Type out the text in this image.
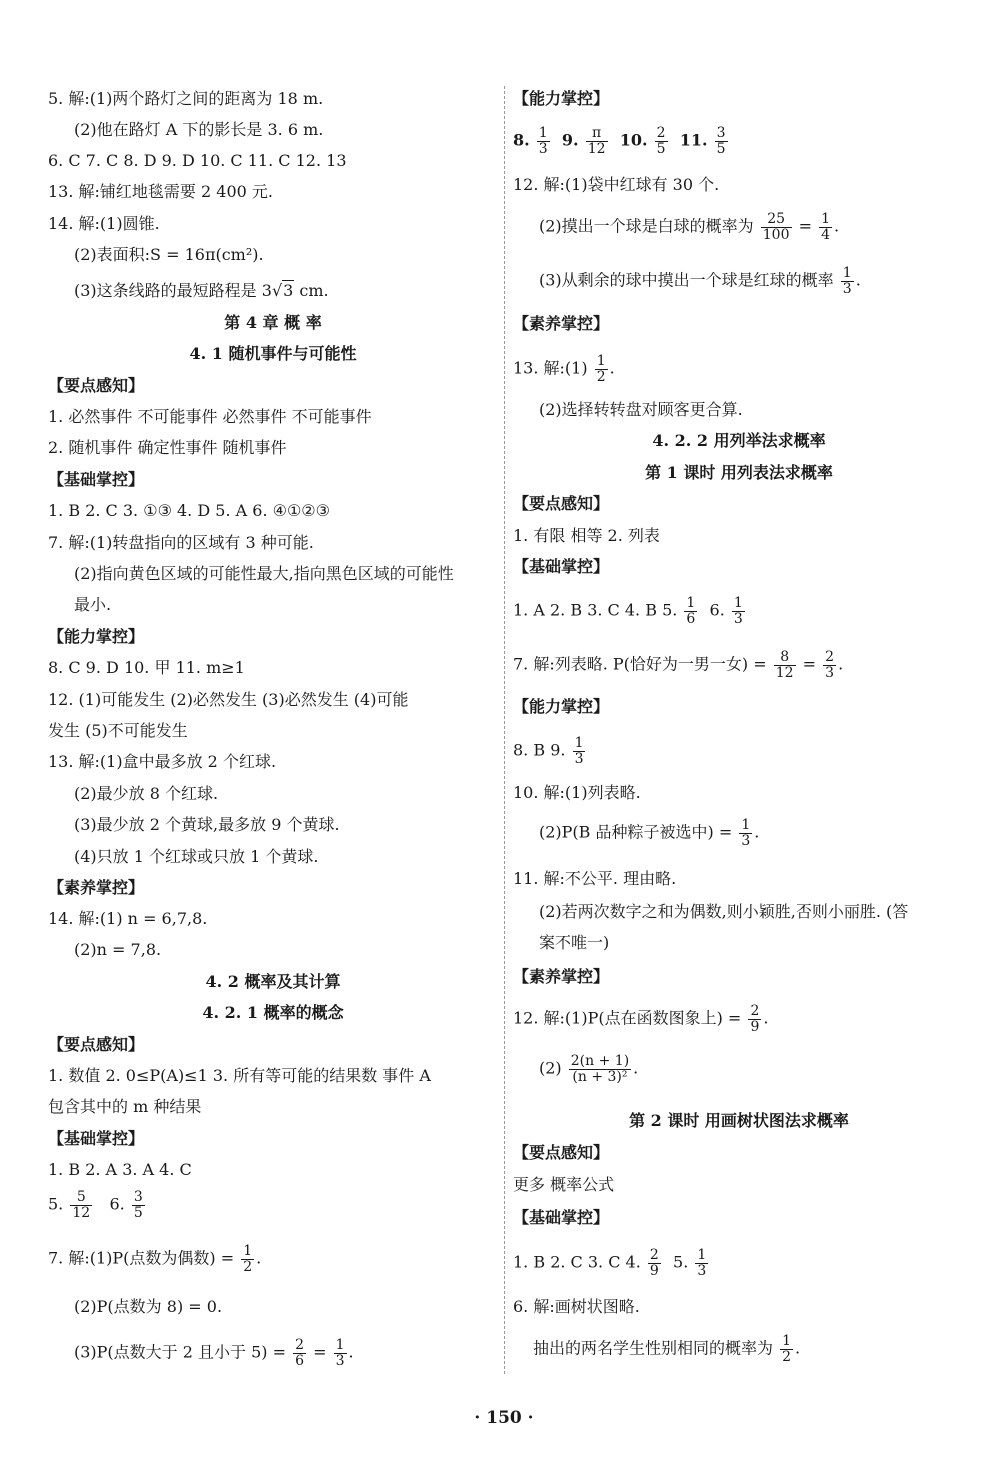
5. 解:(1)两个路灯之间的距离为 18 m.
(2)他在路灯 A 下的影长是 3. 6 m.
6. C 7. C 8. D 9. D 10. C 11. C 12. 13
13. 解:铺红地毯需要 2 400 元.
14. 解:(1)圆锥.
(2)表面积:S = 16π(cm²).
(3)这条线路的最短路程是 3√3 cm.
第 4 章 概 率
4. 1 随机事件与可能性
【要点感知】
1. 必然事件 不可能事件 必然事件 不可能事件
2. 随机事件 确定性事件 随机事件
【基础掌控】
1. B 2. C 3. ①③ 4. D 5. A 6. ④①②③
7. 解:(1)转盘指向的区域有 3 种可能.
(2)指向黄色区域的可能性最大,指向黑色区域的可能性
最小.
【能力掌控】
8. C 9. D 10. 甲 11. m≥1
12. (1)可能发生 (2)必然发生 (3)必然发生 (4)可能
发生 (5)不可能发生
13. 解:(1)盒中最多放 2 个红球.
(2)最少放 8 个红球.
(3)最少放 2 个黄球,最多放 9 个黄球.
(4)只放 1 个红球或只放 1 个黄球.
【素养掌控】
14. 解:(1) n = 6,7,8.
(2)n = 7,8.
4. 2 概率及其计算
4. 2. 1 概率的概念
【要点感知】
1. 数值 2. 0≤P(A)≤1 3. 所有等可能的结果数 事件 A
包含其中的 m 种结果
【基础掌控】
1. B 2. A 3. A 4. C
5. $\frac{5}{12} 6$. $\frac{3}{5}$
7. 解:(1)P(点数为偶数) = $\frac{1}{2}$ .
(2)P(点数为 8) = 0.
(3)P(点数大于 2 且小于 $5) = \frac{2}{6} = \frac{1}{3}$ .
【能力掌控】
8. $\frac{1}{3} 9$. $\frac{\pi}{12} 10$. $\frac{2}{5} 11$. $\frac{3}{5}$
12. 解:(1)袋中红球有 30 个.
(2)摸出一个球是白球的概率为 $\frac{25}{100} = \frac{1}{4}$ .
(3)从剩余的球中摸出一个球是红球的概率 $\frac{1}{3}$ .
【素养掌控】
13. 解:(1) $\frac{1}{2}$ .
(2)选择转转盘对顾客更合算.
4. 2. 2 用列举法求概率
第 1 课时 用列表法求概率
【要点感知】
1. 有限 相等 2. 列表
【基础掌控】
1. A 2. B 3. C 4. B 5. $\frac{1}{6} 6$. $\frac{1}{3}$
7. 解:列表略. P(恰好为一男一女) = $\frac{8}{12} = \frac{2}{3}$ .
【能力掌控】
8. B 9. $\frac{1}{3}$
10. 解:(1)列表略.
(2)P(B 品种粽子被选中) = $\frac{1}{3}$ .
11. 解:不公平. 理由略.
(2)若两次数字之和为偶数,则小颖胜,否则小丽胜. (答
案不唯一)
【素养掌控】
12. 解:(1)P(点在函数图象上) = $\frac{2}{9}$ .
$(2) \frac{2(n + 1)}{\text{(n + 3)²}}$ .
第 2 课时 用画树状图法求概率
【要点感知】
更多 概率公式
【基础掌控】
1. B 2. C 3. C 4. $\frac{2}{9} 5$. $\frac{1}{3}$
6. 解:画树状图略.
抽出的两名学生性别相同的概率为 $\frac{1}{2}$ .
· 150 ·
